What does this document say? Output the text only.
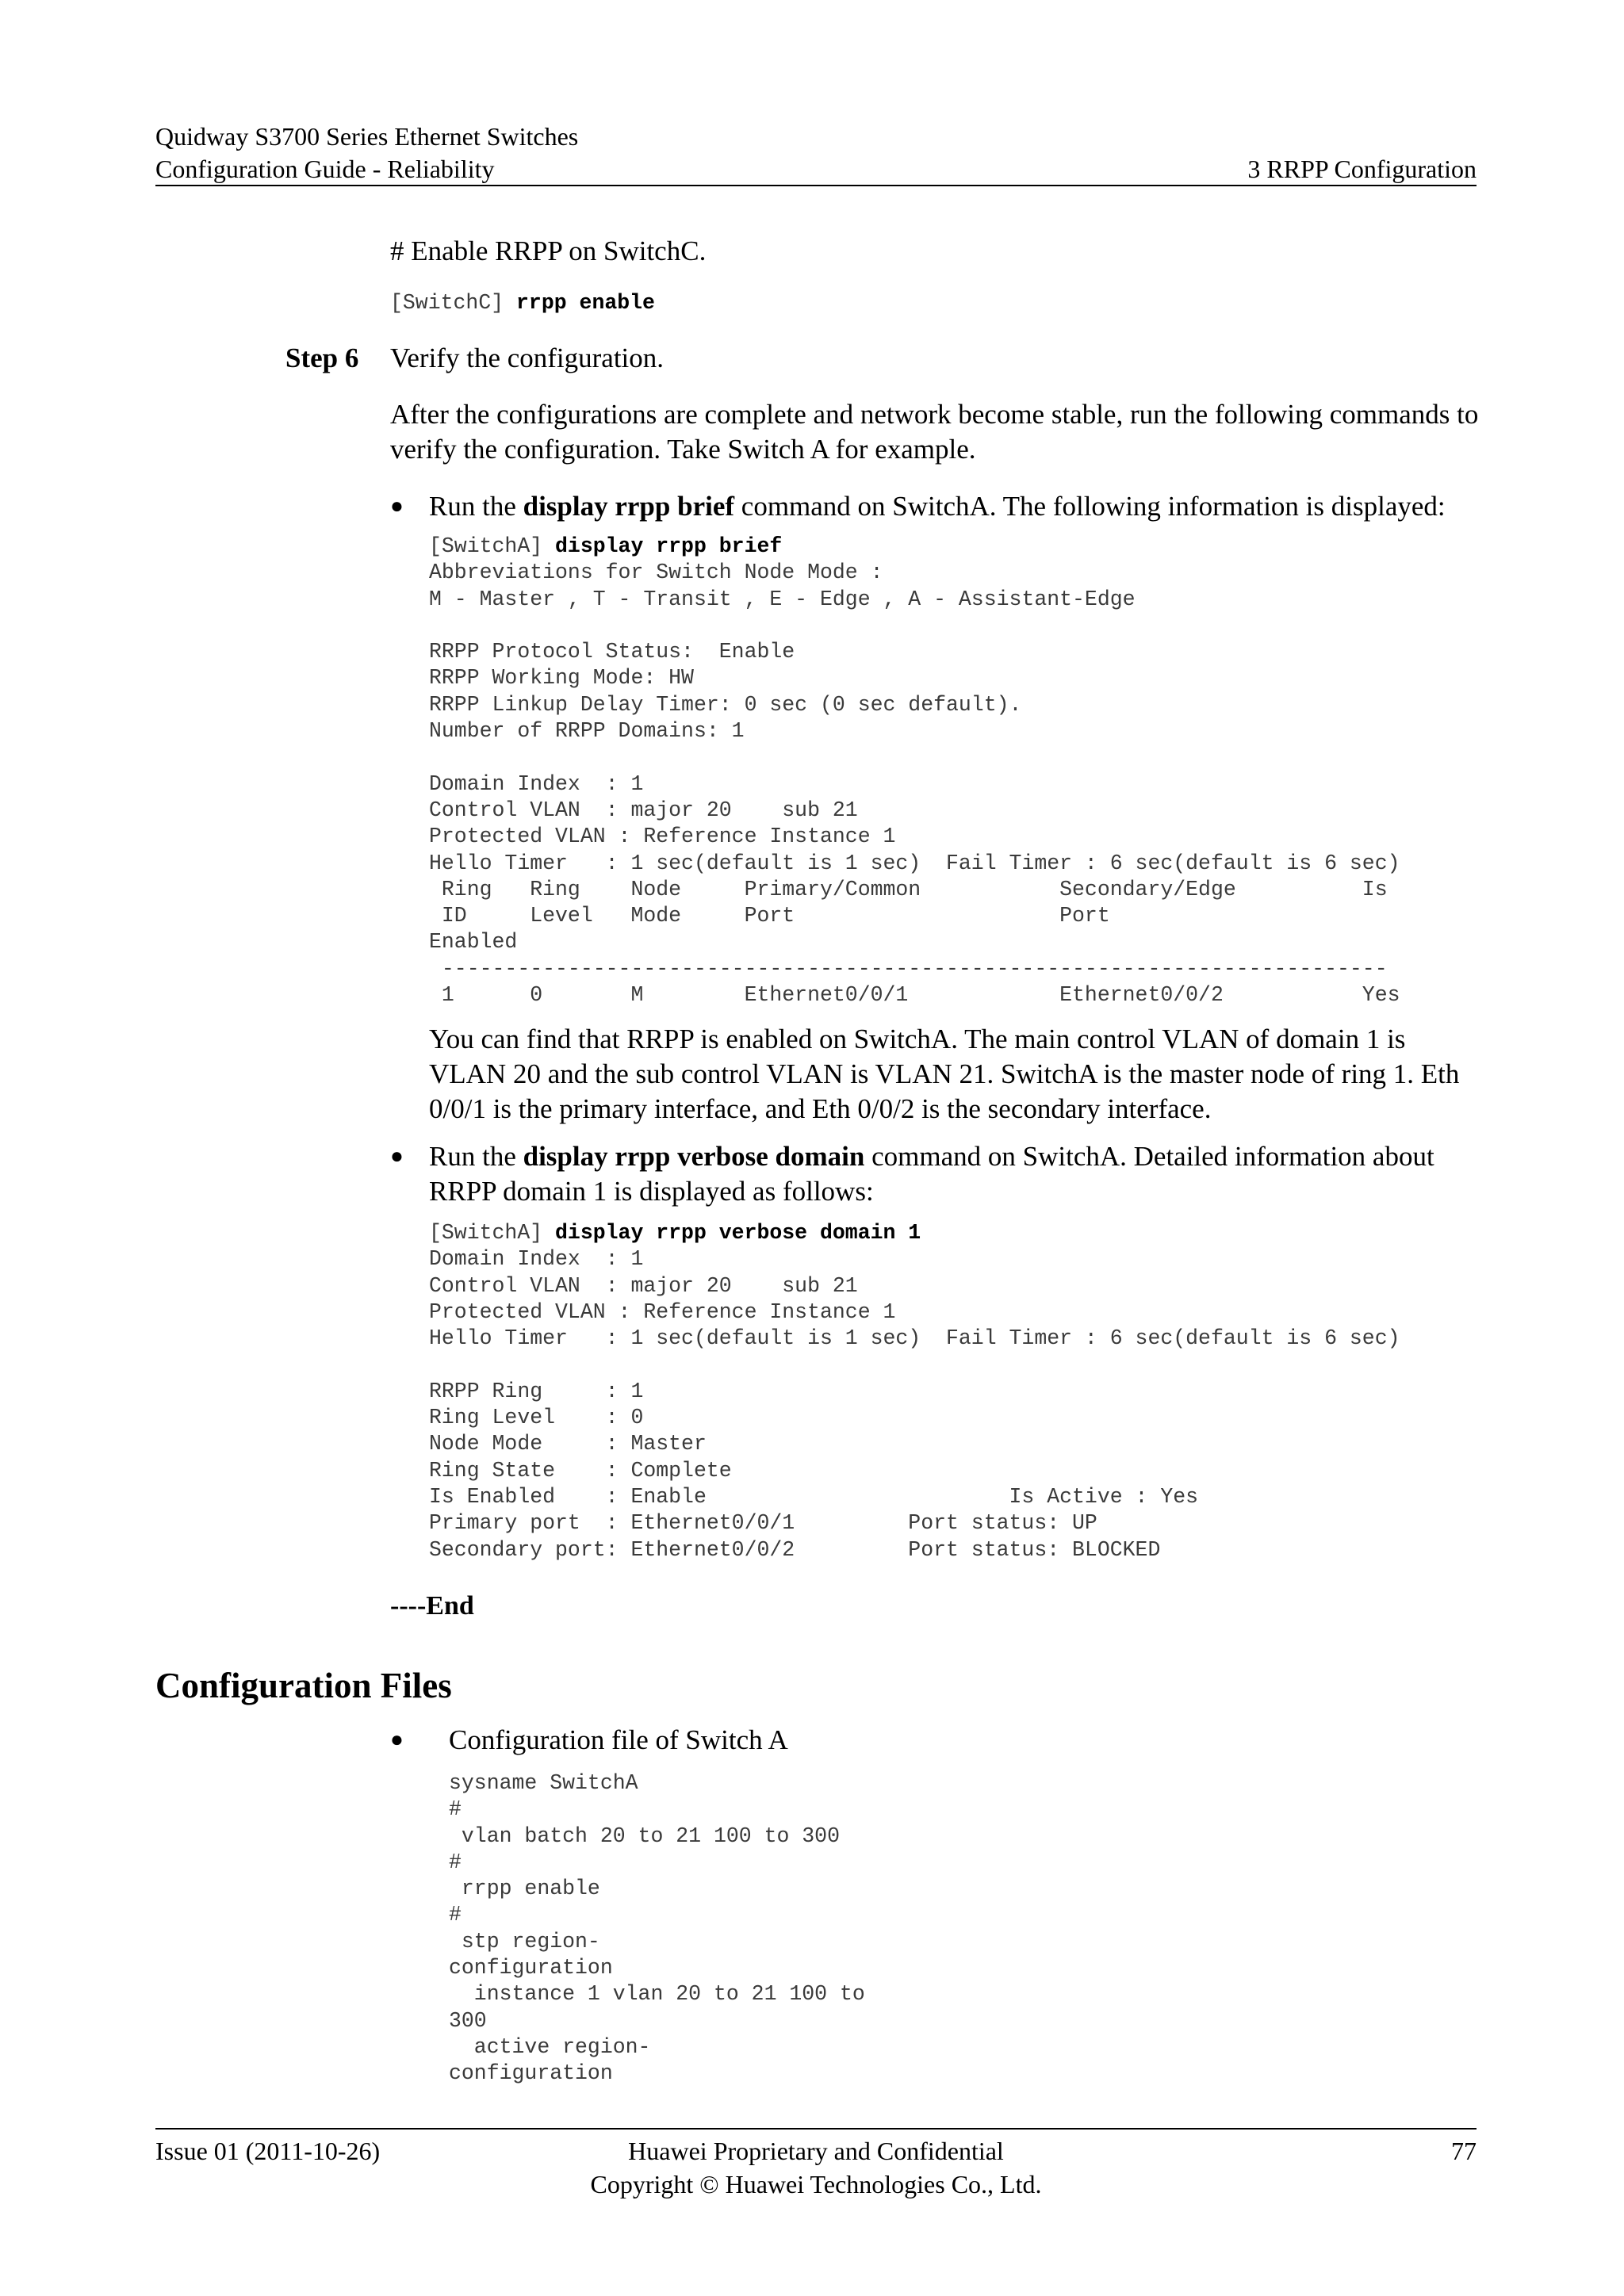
Quidway S3700 Series Ethernet Switches
Configuration Guide - Reliability	3 RRPP Configuration
# Enable RRPP on SwitchC.
[SwitchC] rrpp enable
Step 6 Verify the configuration.
After the configurations are complete and network become stable, run the following commands to verify the configuration. Take Switch A for example.
● Run the display rrpp brief command on SwitchA. The following information is displayed:
[SwitchA] display rrpp brief
Abbreviations for Switch Node Mode :
M - Master , T - Transit , E - Edge , A - Assistant-Edge

RRPP Protocol Status:  Enable
RRPP Working Mode: HW
RRPP Linkup Delay Timer: 0 sec (0 sec default).
Number of RRPP Domains: 1

Domain Index  : 1
Control VLAN  : major 20    sub 21
Protected VLAN : Reference Instance 1
Hello Timer   : 1 sec(default is 1 sec)  Fail Timer : 6 sec(default is 6 sec)
Ring   Ring    Node     Primary/Common           Secondary/Edge          Is
ID     Level   Mode     Port                     Port
Enabled
---------------------------------------------------------------------------
1      0       M        Ethernet0/0/1            Ethernet0/0/2           Yes
You can find that RRPP is enabled on SwitchA. The main control VLAN of domain 1 is VLAN 20 and the sub control VLAN is VLAN 21. SwitchA is the master node of ring 1. Eth 0/0/1 is the primary interface, and Eth 0/0/2 is the secondary interface.
● Run the display rrpp verbose domain command on SwitchA. Detailed information about RRPP domain 1 is displayed as follows:
[SwitchA] display rrpp verbose domain 1
Domain Index  : 1
Control VLAN  : major 20    sub 21
Protected VLAN : Reference Instance 1
Hello Timer   : 1 sec(default is 1 sec)  Fail Timer : 6 sec(default is 6 sec)

RRPP Ring     : 1
Ring Level    : 0
Node Mode     : Master
Ring State    : Complete
Is Enabled    : Enable                        Is Active : Yes
Primary port  : Ethernet0/0/1         Port status: UP
Secondary port: Ethernet0/0/2         Port status: BLOCKED
----End
Configuration Files
● Configuration file of Switch A
sysname SwitchA
#
vlan batch 20 to 21 100 to 300
#
rrpp enable
#
stp region-
configuration
instance 1 vlan 20 to 21 100 to
300
active region-
configuration
Issue 01 (2011-10-26)	Huawei Proprietary and Confidential
Copyright © Huawei Technologies Co., Ltd.
77
